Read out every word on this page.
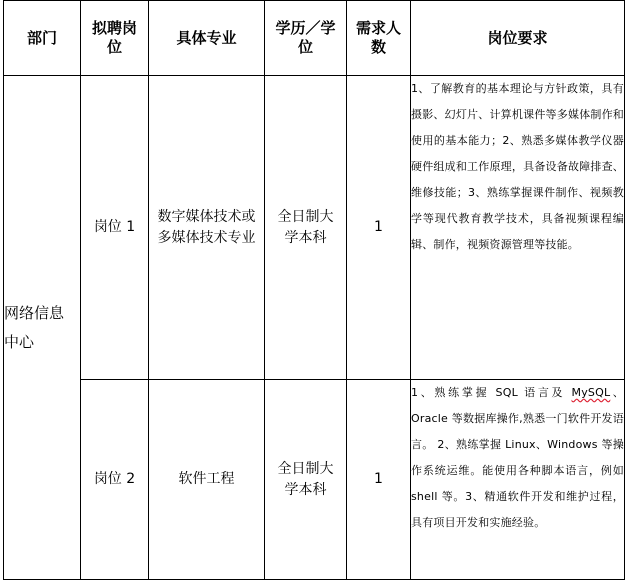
部门	拟聘岗位	具体专业	学历／学位	需求人数	岗位要求

网络信息中心	岗位 1	数字媒体技术或多媒体技术专业	全日制大学本科	1	1、了解教育的基本理论与方针政策，具有摄影、幻灯片、计算机课件等多媒体制作和使用的基本能力；2、熟悉多媒体教学仪器硬件组成和工作原理，具备设备故障排查、维修技能；3、熟练掌握课件制作、视频教学等现代教育教学技术，具备视频课程编辑、制作，视频资源管理等技能。
	岗位 2	软件工程	全日制大学本科	1	1、熟练掌握 SQL 语言及 MySQL、Oracle 等数据库操作,熟悉一门软件开发语言。 2、熟练掌握 Linux、Windows 等操作系统运维。能使用各种脚本语言，例如 shell 等。3、精通软件开发和维护过程，具有项目开发和实施经验。
